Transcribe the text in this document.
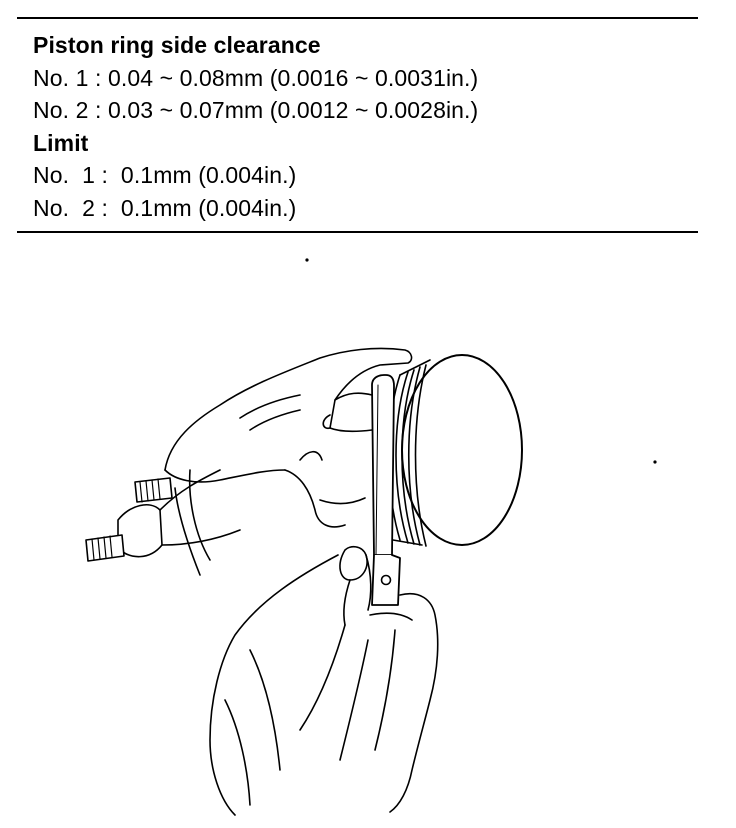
Piston ring side clearance
No. 1 : 0.04 ~ 0.08mm (0.0016 ~ 0.0031in.)
No. 2 : 0.03 ~ 0.07mm (0.0012 ~ 0.0028in.)
Limit
No.  1 :  0.1mm (0.004in.)
No.  2 :  0.1mm (0.004in.)
